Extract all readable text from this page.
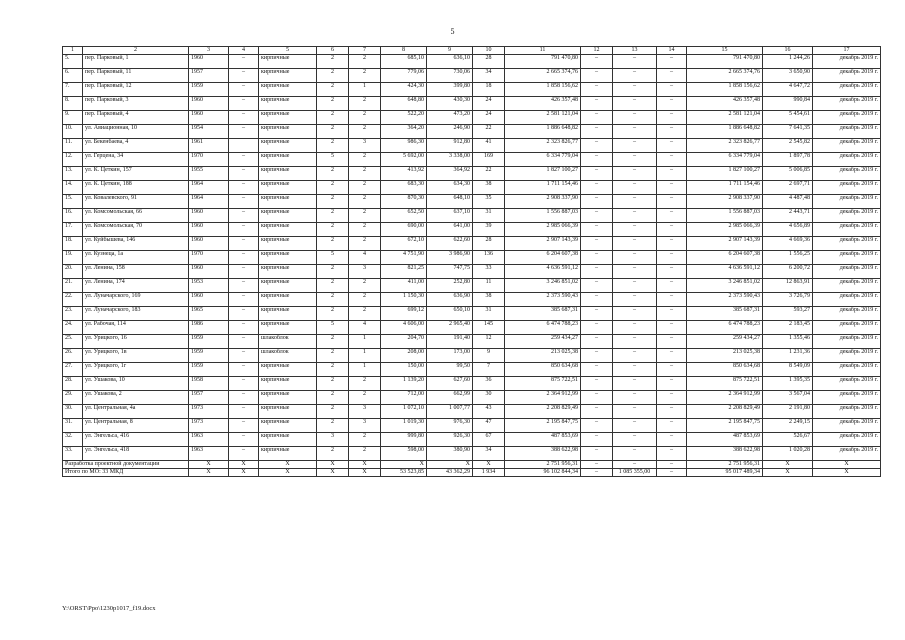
5
1	2	3	4	5	6	7	8	9	10	11	12	13	14	15	16	17
5.	пер. Парковый, 1	1960	–	кирпичные	2	2	685,10	636,10	28	791 470,80	–	–	–	791 470,80	1 244,26	декабрь 2019 г.
6.	пер. Парковый, 11	1957	–	кирпичные	2	2	779,06	730,06	34	2 665 374,76	–	–	–	2 665 374,76	3 650,90	декабрь 2019 г.
7.	пер. Парковый, 12	1959	–	кирпичные	2	1	424,30	399,80	18	1 858 156,62	–	–	–	1 858 156,62	4 647,72	декабрь 2019 г.
8.	пер. Парковый, 3	1960	–	кирпичные	2	2	648,80	430,30	24	426 357,48	–	–	–	426 357,48	990,84	декабрь 2019 г.
9.	пер. Парковый, 4	1960	–	кирпичные	2	2	522,20	473,20	24	2 581 121,04	–	–	–	2 581 121,04	5 454,61	декабрь 2019 г.
10.	ул. Авиационная, 10	1954	–	кирпичные	2	2	364,20	246,90	22	1 886 648,82	–	–	–	1 886 648,82	7 641,35	декабрь 2019 г.
11.	ул. Бекенбаева, 4	1961		кирпичные	2	3	986,30	912,80	41	2 323 826,77	–	–	–	2 323 826,77	2 545,82	декабрь 2019 г.
12.	ул. Герцена, 34	1970	–	кирпичные	5	2	5 692,00	3 338,00	169	6 334 779,04	–	–	–	6 334 779,04	1 897,78	декабрь 2019 г.
13.	ул. К. Цеткин, 157	1955	–	кирпичные	2	2	413,92	364,92	22	1 827 100,27	–	–	–	1 827 100,27	5 006,85	декабрь 2019 г.
14.	ул. К. Цеткин, 188	1964	–	кирпичные	2	2	683,30	634,30	38	1 711 154,46	–	–	–	1 711 154,46	2 697,71	декабрь 2019 г.
15.	ул. Ковалевского, 91	1964	–	кирпичные	2	2	870,30	648,10	35	2 908 337,90	–	–	–	2 908 337,90	4 487,48	декабрь 2019 г.
16.	ул. Комсомольская, 66	1960	–	кирпичные	2	2	652,50	637,10	31	1 556 887,03	–	–	–	1 556 887,03	2 443,71	декабрь 2019 г.
17.	ул. Комсомольская, 70	1960	–	кирпичные	2	2	690,00	641,00	39	2 985 066,39	–	–	–	2 985 066,39	4 656,89	декабрь 2019 г.
18.	ул. Куйбышева, 146	1960	–	кирпичные	2	2	672,10	622,60	28	2 907 143,39	–	–	–	2 907 143,39	4 669,36	декабрь 2019 г.
19.	ул. Кузнеца, 1а	1970	–	кирпичные	5	4	4 751,90	3 986,90	136	6 204 607,38	–	–	–	6 204 607,38	1 556,25	декабрь 2019 г.
20.	ул. Ленина, 158	1960	–	кирпичные	2	3	821,25	747,75	33	4 636 591,12	–	–	–	4 636 591,12	6 200,72	декабрь 2019 г.
21.	ул. Ленина, 174	1953	–	кирпичные	2	2	411,00	252,80	11	3 246 851,02	–	–	–	3 246 851,02	12 863,91	декабрь 2019 г.
22.	ул. Луначарского, 169	1960	–	кирпичные	2	2	1 150,30	636,90	38	2 373 590,43	–	–	–	2 373 590,43	3 726,79	декабрь 2019 г.
23.	ул. Луначарского, 183	1965	–	кирпичные	2	2	699,12	650,10	31	385 687,31	–	–	–	385 687,31	593,27	декабрь 2019 г.
24.	ул. Рабочая, 114	1986	–	кирпичные	5	4	4 606,00	2 965,40	145	6 474 788,23	–	–	–	6 474 788,23	2 183,45	декабрь 2019 г.
25.	ул. Урицкого, 16	1959	–	шлакоблок	2	1	204,70	191,40	12	259 434,27	–	–	–	259 434,27	1 355,46	декабрь 2019 г.
26.	ул. Урицкого, 1в	1959	–	шлакоблок	2	1	208,00	173,00	9	213 025,38	–	–	–	213 025,38	1 231,36	декабрь 2019 г.
27.	ул. Урицкого, 1г	1959	–	кирпичные	2	1	150,00	99,50	7	850 634,68	–	–	–	850 634,68	8 549,09	декабрь 2019 г.
28.	ул. Ушакова, 10	1958	–	кирпичные	2	2	1 139,20	627,60	36	875 722,51	–	–	–	875 722,51	1 395,35	декабрь 2019 г.
29.	ул. Ушакова, 2	1957	–	кирпичные	2	2	712,00	662,99	30	2 364 912,99	–	–	–	2 364 912,99	3 567,04	декабрь 2019 г.
30.	ул. Центральная, 4а	1973	–	кирпичные	2	3	1 072,10	1 007,77	43	2 208 829,49	–	–	–	2 208 829,49	2 191,80	декабрь 2019 г.
31.	ул. Центральная, 8	1973	–	кирпичные	2	3	1 019,30	976,30	47	2 195 847,75	–	–	–	2 195 847,75	2 249,15	декабрь 2019 г.
32.	ул. Энгельса, 416	1963	–	кирпичные	3	2	999,80	926,30	67	487 853,69	–	–	–	487 853,69	526,67	декабрь 2019 г.
33.	ул. Энгельса, 418	1963	–	кирпичные	2	2	598,00	380,90	34	388 622,98	–	–	–	388 622,98	1 020,28	декабрь 2019 г.
Разработка проектной документации		X	X	X	X	X	X	X	X	2 751 956,31	–	–	–	2 751 956,31	X	X
Итого по МО: 33 МКД		X	X	X	X	X	53 523,85	43 362,29	1 934	96 102 844,34	–	1 085 355,00	–	95 017 489,34	X	X
Y:\ORST\Ppo\1230p1017_f19.docx
